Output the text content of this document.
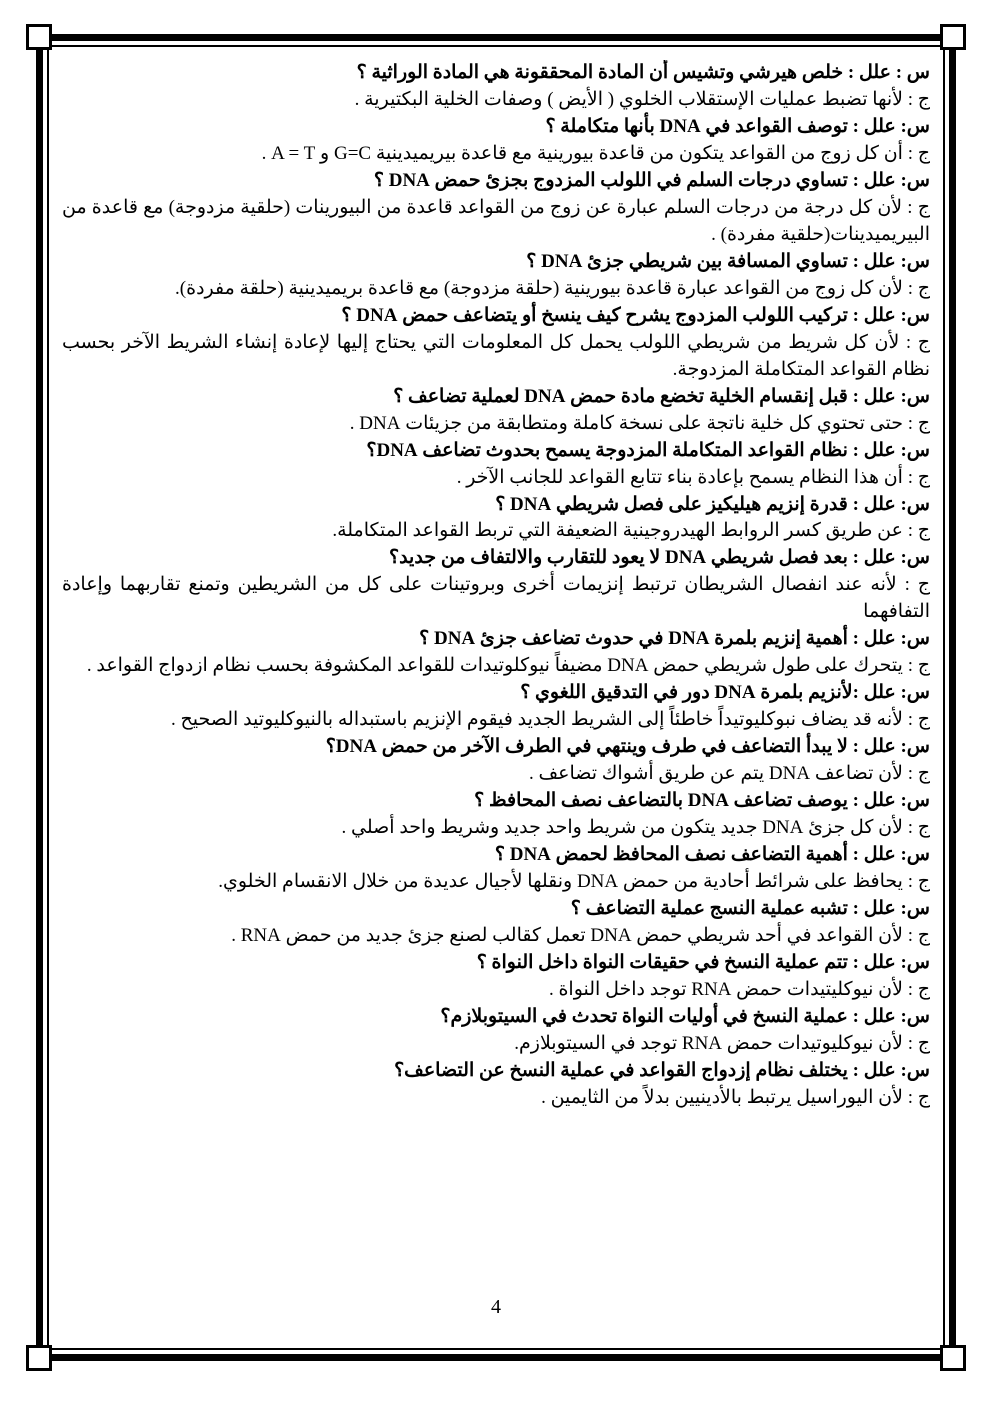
س : علل : خلص هيرشي وتشيس أن المادة المحققونة هي المادة الوراثية ؟
ج : لأنها تضبط عمليات الإستقلاب الخلوي ( الأيض ) وصفات الخلية البكتيرية .
س: علل : توصف القواعد في DNA بأنها متكاملة ؟
ج : أن كل زوج من القواعد يتكون من قاعدة بيورينية مع قاعدة بيريميدينية G=C و A = T .
س: علل : تساوي درجات السلم في اللولب المزدوج بجزئ حمض DNA ؟
ج : لأن كل درجة من درجات السلم عبارة عن زوج من القواعد قاعدة من البيورينات (حلقية مزدوجة) مع قاعدة من البيريميدينات(حلقية مفردة) .
س: علل : تساوي المسافة بين شريطي جزئ DNA ؟
ج : لأن كل زوج من القواعد عبارة قاعدة بيورينية (حلقة مزدوجة) مع قاعدة بريميدينية (حلقة مفردة).
س: علل : تركيب اللولب المزدوج يشرح كيف ينسخ أو يتضاعف حمض DNA ؟
ج : لأن كل شريط من شريطي اللولب يحمل كل المعلومات التي يحتاج إليها لإعادة إنشاء الشريط الآخر بحسب نظام القواعد المتكاملة المزدوجة.
س: علل : قبل إنقسام الخلية تخضع مادة حمض DNA لعملية تضاعف ؟
ج : حتى تحتوي كل خلية ناتجة على نسخة كاملة ومتطابقة من جزيئات DNA .
س: علل : نظام القواعد المتكاملة المزدوجة يسمح بحدوث تضاعف DNA؟
ج : أن هذا النظام يسمح بإعادة بناء تتابع القواعد للجانب الآخر .
س: علل : قدرة إنزيم هيليكيز على فصل شريطي DNA ؟
ج : عن طريق كسر الروابط الهيدروجينية الضعيفة التي تربط القواعد المتكاملة.
س: علل : بعد فصل شريطي DNA لا يعود للتقارب والالتفاف من جديد؟
ج : لأنه عند انفصال الشريطان ترتبط إنزيمات أخرى وبروتينات على كل من الشريطين وتمنع تقاربهما وإعادة التفافهما
س: علل : أهمية إنزيم بلمرة DNA في حدوث تضاعف جزئ DNA ؟
ج : يتحرك على طول شريطي حمض DNA مضيفاً نيوكلوتيدات للقواعد المكشوفة بحسب نظام ازدواج القواعد .
س: علل :لأنزيم بلمرة DNA دور في التدقيق اللغوي ؟
ج : لأنه قد يضاف نبوكليوتيداً خاطئاً إلى الشريط الجديد فيقوم الإنزيم باستبداله بالنيوكليوتيد الصحيح .
س: علل : لا يبدأ التضاعف في طرف وينتهي في الطرف الآخر من حمض DNA؟
ج : لأن تضاعف DNA يتم عن طريق أشواك تضاعف .
س: علل : يوصف تضاعف DNA بالتضاعف نصف المحافظ ؟
ج : لأن كل جزئ DNA جديد يتكون من شريط واحد جديد وشريط واحد أصلي .
س: علل : أهمية التضاعف نصف المحافظ لحمض DNA ؟
ج : يحافظ على شرائط أحادية من حمض DNA ونقلها لأجيال عديدة من خلال الانقسام الخلوي.
س: علل : تشبه عملية النسج عملية التضاعف ؟
ج : لأن القواعد في أحد شريطي حمض DNA تعمل كقالب لصنع جزئ جديد من حمض RNA .
س: علل : تتم عملية النسخ في حقيقات النواة داخل النواة ؟
ج : لأن نيوكليتيدات حمض RNA توجد داخل النواة .
س: علل : عملية النسخ في أوليات النواة تحدث في السيتوبلازم؟
ج : لأن نيوكليوتيدات حمض RNA توجد في السيتوبلازم.
س: علل : يختلف نظام إزدواج القواعد في عملية النسخ عن التضاعف؟
ج : لأن اليوراسيل يرتبط بالأدينيين بدلاً من الثايمين .
4
